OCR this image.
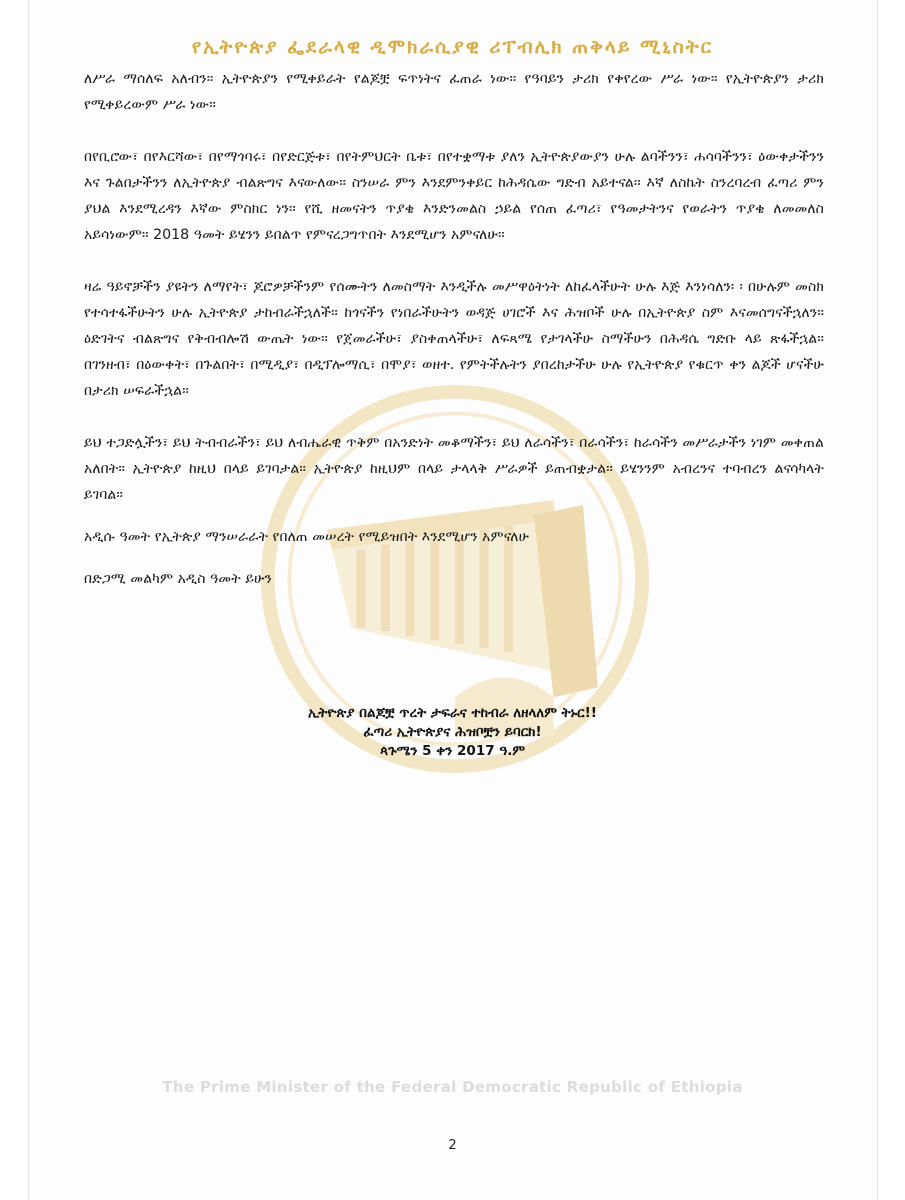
የኢትዮጵያ ፌደራላዊ ዲሞክራሲያዊ ሪፐብሊክ ጠቅላይ ሚኒስትር

ለሥራ ማሰለፍ አለብን፡፡ ኢትዮጵያን የሚቀይራት የልጆቿ ፍጥነትና ፈጠራ ነው፡፡ የዓባይን ታሪክ የቀየረው ሥራ ነው፡፡ የኢትዮጵያን ታሪክ የሚቀይረውም ሥራ ነው፡፡

በየቢሮው፣ በየእርሻው፣ በየማጎባሩ፣ በየድርጅቱ፣ በየትምህርት ቤቱ፣ በየተቋማቱ ያለን ኢትዮጵያውያን ሁሉ ልባችንን፣ ሐሳባችንን፣ ዕውቀታችንን እና ጉልበታችንን ለኢትዮጵያ ብልጽግና እናውለው፡፡ ስንሠራ ምን እንደምንቀይር ከሕዳሴው ግድብ አይተናል፡፡ እኛ ለስኬት ስንረባረብ ፈጣሪ ምን ያህል እንደሚረዳን እኛው ምስክር ነን፡፡ የሺ ዘመናትን ጥያቄ እንድንመልስ ኃይል የሰጠ ፈጣሪ፣ የዓመታትንና የወራትን ጥያቄ ለመመለስ አይሳነውም፡፡ 2018 ዓመት ይሄንን ይበልጥ የምናረጋግጥበት እንደሚሆን አምናለሁ፡፡

ዛሬ ዓይኖቻችን ያዩትን ለማየት፣ ጆሮዎቻችንም የሰሙትን ለመስማት እንዲችሉ መሥዋዕትነት ለከፈላችሁት ሁሉ እጅ እንነሳለን፡ ፡ በሁሉም መስክ የተሳተፋችሁትን ሁሉ ኢትዮጵያ ታከብራችኋለች፡፡ ከጎናችን የነበራችሁትን ወዳጅ ሀገሮች እና ሕዝቦች ሁሉ በኢትዮጵያ ስም እናመሰግናችኋለን፡፡ ዕድገትና ብልጽግና የቅብብሎሽ ውጤት ነው፡፡ የጀመራችሁ፣ ያስቀጠላችሁ፣ ለፍጻሜ የታገላችሁ ስማችሁን በሕዳሴ ግድቡ ላይ ጽፋችኋል፡፡ በገንዘብ፣ በዕውቀት፣ በጉልበት፣ በሚዲያ፣ በዲፕሎማሲ፣ በሞያ፣ ወዘተ. የምትችሉትን ያበረከታችሁ ሁሉ የኢትዮጵያ የቁርጥ ቀን ልጆች ሆናችሁ በታሪክ ሠፍራችኋል፡፡

ይህ ተጋድሏችን፣ ይህ ትብብራችን፣ ይህ ለብሔራዊ ጥቅም በአንድነት መቆማችን፣ ይህ ለራሳችን፣ በራሳችን፣ ከራሳችን መሥራታችን ነገም መቀጠል አለበት፡፡ ኢትዮጵያ ከዚህ በላይ ይገባታል፡፡ ኢትዮጵያ ከዚህም በላይ ታላላቅ ሥራዎች ይጠብቋታል፡፡ ይሄንንም አብረንና ተባብረን ልናሳካላት ይገባል፡፡

አዲሱ ዓመት የኢትጵያ ማንሠራራት የበለጠ መሠረት የሚይዝበት እንደሚሆን አምናለሁ

በድጋሚ መልካም አዲስ ዓመት ይሁን

ኢትዮጵያ በልጆቿ ጥረት ታፍራና ተከብራ ለዘላለም ትኑር!!
ፈጣሪ ኢትዮጵያና ሕዝቦቿን ይባርክ!
ጳጉሜን 5 ቀን 2017 ዓ.ም
The Prime Minister of the Federal Democratic Republic of Ethiopia
2
